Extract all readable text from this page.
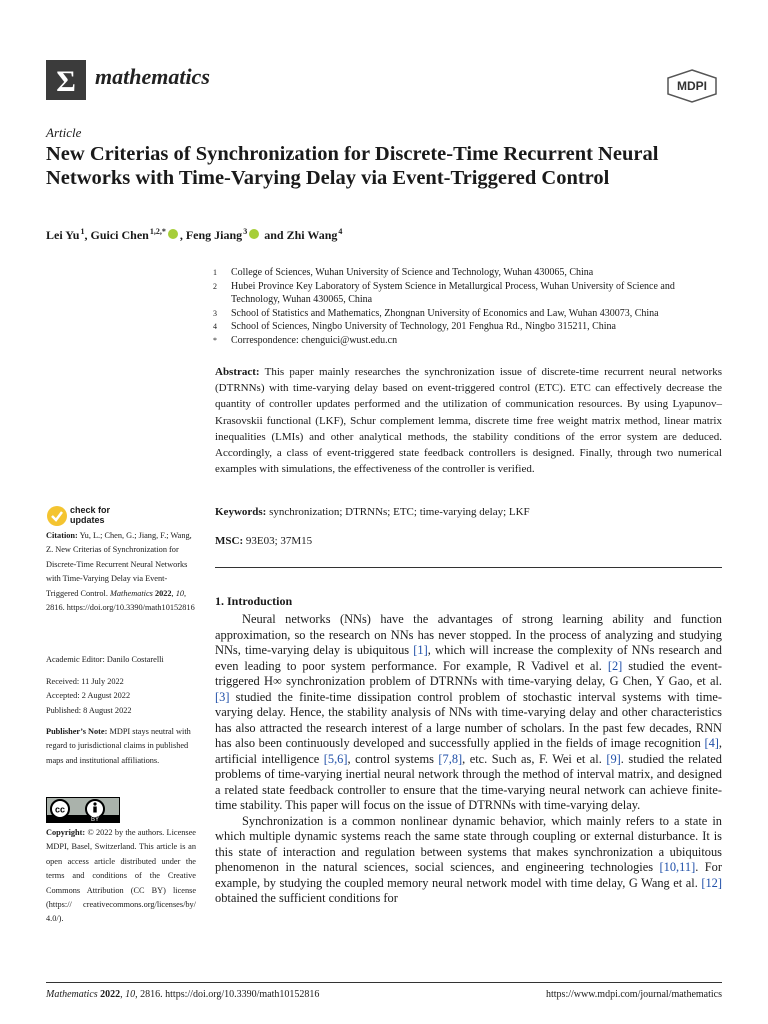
Σ mathematics	MDPI
Article
New Criterias of Synchronization for Discrete-Time Recurrent Neural Networks with Time-Varying Delay via Event-Triggered Control
Lei Yu $^1$, Guici Chen $^{1,2,*}$ , Feng Jiang $^3$ and Zhi Wang $^4$
1	College of Sciences, Wuhan University of Science and Technology, Wuhan 430065, China
2	Hubei Province Key Laboratory of System Science in Metallurgical Process, Wuhan University of Science and Technology, Wuhan 430065, China
3	School of Statistics and Mathematics, Zhongnan University of Economics and Law, Wuhan 430073, China
4	School of Sciences, Ningbo University of Technology, 201 Fenghua Rd., Ningbo 315211, China
*	Correspondence: chenguici@wust.edu.cn
Abstract: This paper mainly researches the synchronization issue of discrete-time recurrent neural networks (DTRNNs) with time-varying delay based on event-triggered control (ETC). ETC can effectively decrease the quantity of controller updates performed and the utilization of communication resources. By using Lyapunov–Krasovskii functional (LKF), Schur complement lemma, discrete time free weight matrix method, linear matrix inequalities (LMIs) and other analytical methods, the stability conditions of the error system are deduced. Accordingly, a class of event-triggered state feedback controllers is designed. Finally, through two numerical examples with simulations, the effectiveness of the controller is verified.
Keywords: synchronization; DTRNNs; ETC; time-varying delay; LKF
MSC: 93E03; 37M15
1. Introduction

Neural networks (NNs) have the advantages of strong learning ability and function approximation, so the research on NNs has never stopped. In the process of analyzing and studying NNs, time-varying delay is ubiquitous [1], which will increase the complexity of NNs research and even leading to poor system performance. For example, R Vadivel et al. [2] studied the event-triggered H∞ synchronization problem of DTRNNs with time-varying delay, G Chen, Y Gao, et al. [3] studied the finite-time dissipation control problem of stochastic interval systems with time-varying delay. Hence, the stability analysis of NNs with time-varying delay and other characteristics has also attracted the research interest of a large number of scholars. In the past few decades, RNN has also been continuously developed and successfully applied in the fields of image recognition [4], artificial intelligence [5,6], control systems [7,8], etc. Such as, F. Wei et al. [9]. studied the related problems of time-varying inertial neural network through the method of interval matrix, and designed a related state feedback controller to ensure that the time-varying neural network can achieve finite-time stability. This paper will focus on the issue of DTRNNs with time-varying delay.

Synchronization is a common nonlinear dynamic behavior, which mainly refers to a state in which multiple dynamic systems reach the same state through coupling or external disturbance. It is this state of interaction and regulation between systems that makes synchronization a ubiquitous phenomenon in the natural sciences, social sciences, and engineering technologies [10,11]. For example, by studying the coupled memory neural network model with time delay, G Wang et al. [12] obtained the sufficient conditions for

check for
updates
Citation: Yu, L.; Chen, G.; Jiang, F.; Wang, Z. New Criterias of Synchronization for Discrete-Time Recurrent Neural Networks with Time-Varying Delay via Event-Triggered Control. Mathematics 2022, 10, 2816. https://doi.org/10.3390/math10152816
Academic Editor: Danilo Costarelli
Received: 11 July 2022
Accepted: 2 August 2022
Published: 8 August 2022
Publisher’s Note: MDPI stays neutral with regard to jurisdictional claims in published maps and institutional affiliations.
cc
BY
Copyright: © 2022 by the authors. Licensee MDPI, Basel, Switzerland. This article is an open access article distributed under the terms and conditions of the Creative Commons Attribution (CC BY) license (https:// creativecommons.org/licenses/by/ 4.0/).
Mathematics 2022, 10, 2816. https://doi.org/10.3390/math10152816	https://www.mdpi.com/journal/mathematics
